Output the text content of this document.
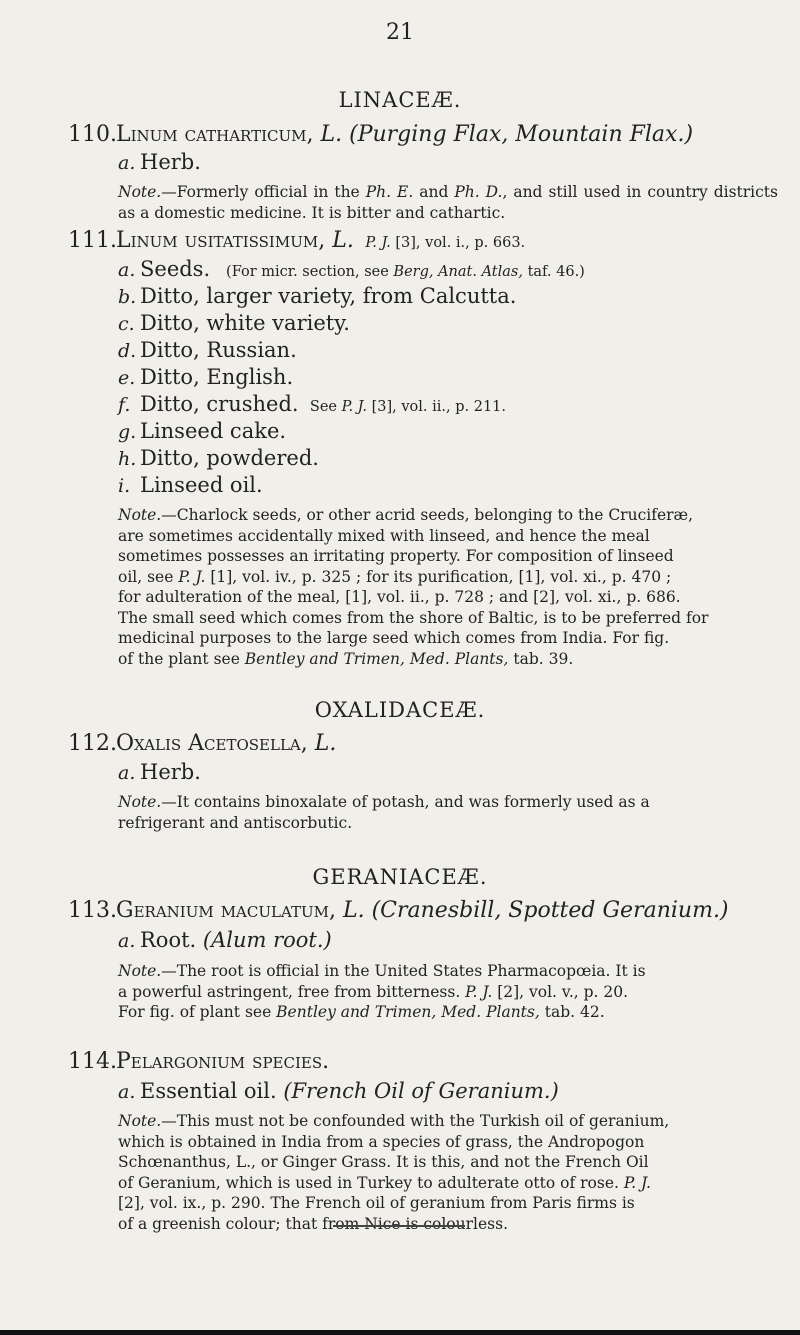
21
LINACEÆ.
110.Linum catharticum, L. (Purging Flax, Mountain Flax.)
a. Herb.
Note.—Formerly official in the Ph. E. and Ph. D., and still used in country districts as a domestic medicine. It is bitter and cathartic.
111.Linum usitatissimum, L. P. J. [3], vol. i., p. 663.
a. Seeds. (For micr. section, see Berg, Anat. Atlas, taf. 46.)
b. Ditto, larger variety, from Calcutta.
c. Ditto, white variety.
d. Ditto, Russian.
e. Ditto, English.
f. Ditto, crushed. See P. J. [3], vol. ii., p. 211.
g. Linseed cake.
h. Ditto, powdered.
i. Linseed oil.
Note.—Charlock seeds, or other acrid seeds, belonging to the Cruciferæ,
are sometimes accidentally mixed with linseed, and hence the meal
sometimes possesses an irritating property. For composition of linseed
oil, see P. J. [1], vol. iv., p. 325 ; for its purification, [1], vol. xi., p. 470 ;
for adulteration of the meal, [1], vol. ii., p. 728 ; and [2], vol. xi., p. 686.
The small seed which comes from the shore of Baltic, is to be preferred for
medicinal purposes to the large seed which comes from India. For fig.
of the plant see Bentley and Trimen, Med. Plants, tab. 39.
OXALIDACEÆ.
112.Oxalis Acetosella, L.
a. Herb.
Note.—It contains binoxalate of potash, and was formerly used as a
refrigerant and antiscorbutic.
GERANIACEÆ.
113.Geranium maculatum, L. (Cranesbill, Spotted Geranium.)
a. Root. (Alum root.)
Note.—The root is official in the United States Pharmacopœia. It is
a powerful astringent, free from bitterness. P. J. [2], vol. v., p. 20.
For fig. of plant see Bentley and Trimen, Med. Plants, tab. 42.
114.Pelargonium species.
a. Essential oil. (French Oil of Geranium.)
Note.—This must not be confounded with the Turkish oil of geranium,
which is obtained in India from a species of grass, the Andropogon
Schœnanthus, L., or Ginger Grass. It is this, and not the French Oil
of Geranium, which is used in Turkey to adulterate otto of rose. P. J.
[2], vol. ix., p. 290. The French oil of geranium from Paris firms is
of a greenish colour; that from Nice is colourless.
